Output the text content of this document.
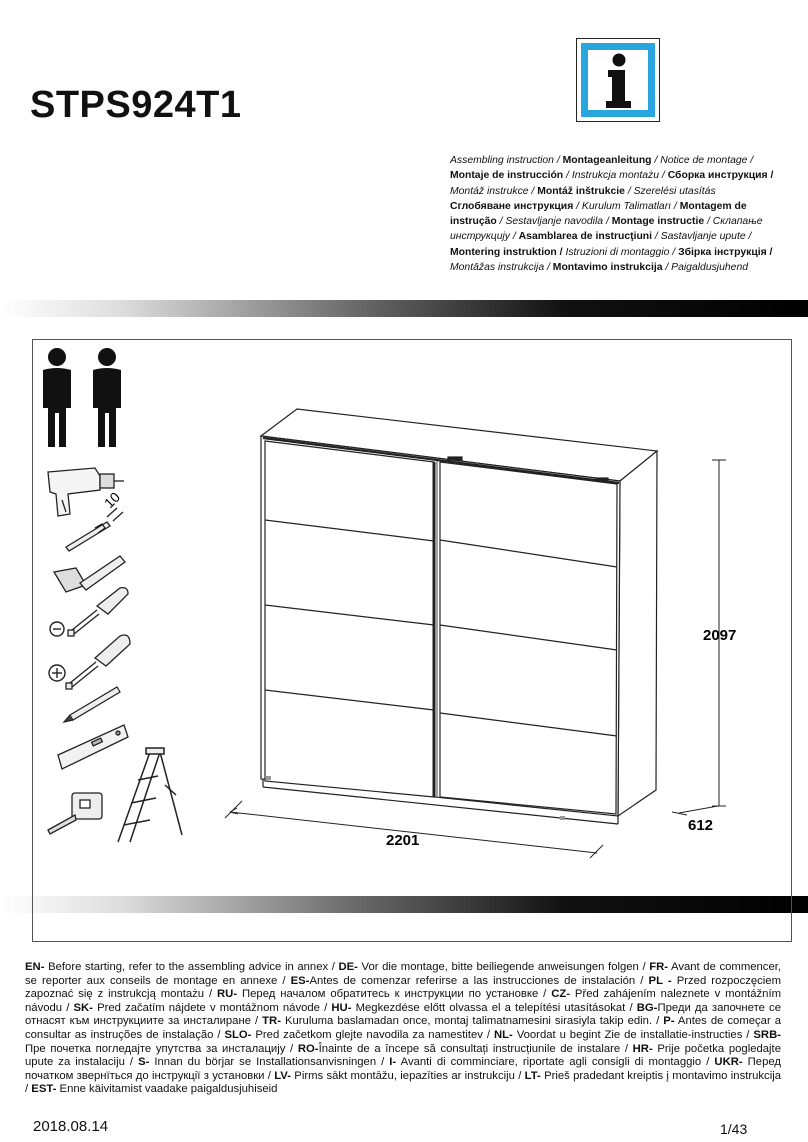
STPS924T1
Assembling instruction / Montageanleitung / Notice de montage /
Montaje de instrucción / Instrukcja montażu / Сборка инструкция /
Montáž instrukce / Montáž inštrukcie / Szerelési utasítás
Сглобяване инструкция / Kurulum Talimatları / Montagem de
instrução / Sestavljanje navodila / Montage instructie / Склапање
инструкцију / Asamblarea de instrucţiuni / Sastavljanje upute /
Montering instruktion / Istruzioni di montaggio / Збірка інструкція /
Montāžas instrukcija / Montavimo instrukcija / Paigaldusjuhend
10
2201
2097
612
EN- Before starting, refer to the assembling advice in annex / DE- Vor die montage, bitte beiliegende anweisungen folgen / FR- Avant de commencer, se reporter aux conseils de montage en annexe / ES-Antes de comenzar referirse a las instrucciones de instalación / PL - Przed rozpoczęciem zapoznać się z instrukcją montażu / RU- Перед началом обратитесь к инструкции по установке / CZ- Před zahájením naleznete v montážním návodu / SK- Pred začatím nájdete v montážnom návode / HU- Megkezdése előtt olvassa el a telepítési utasításokat / BG-Преди да започнете се отнасят към инструкциите за инсталиране / TR- Kuruluma baslamadan once, montaj talimatnamesini sirasiyla takip edin. / P- Antes de começar a consultar as instruções de instalação / SLO- Pred začetkom glejte navodila za namestitev / NL- Voordat u begint Zie de installatie-instructies / SRB- Пре почетка погледајте упутства за инсталацију / RO-Înainte de a începe să consultați instrucțiunile de instalare / HR- Prije početka pogledajte upute za instalaciju / S- Innan du börjar se Installationsanvisningen / I- Avanti di comminciare, riportate agli consigli di montaggio / UKR- Перед початком звернїться до інструкції з установки / LV- Pirms sākt montāžu, iepazīties ar instrukciju / LT- Prieš pradedant kreiptis į montavimo instrukcija / EST- Enne käivitamist vaadake paigaldusjuhiseid
2018.08.14	1/43
